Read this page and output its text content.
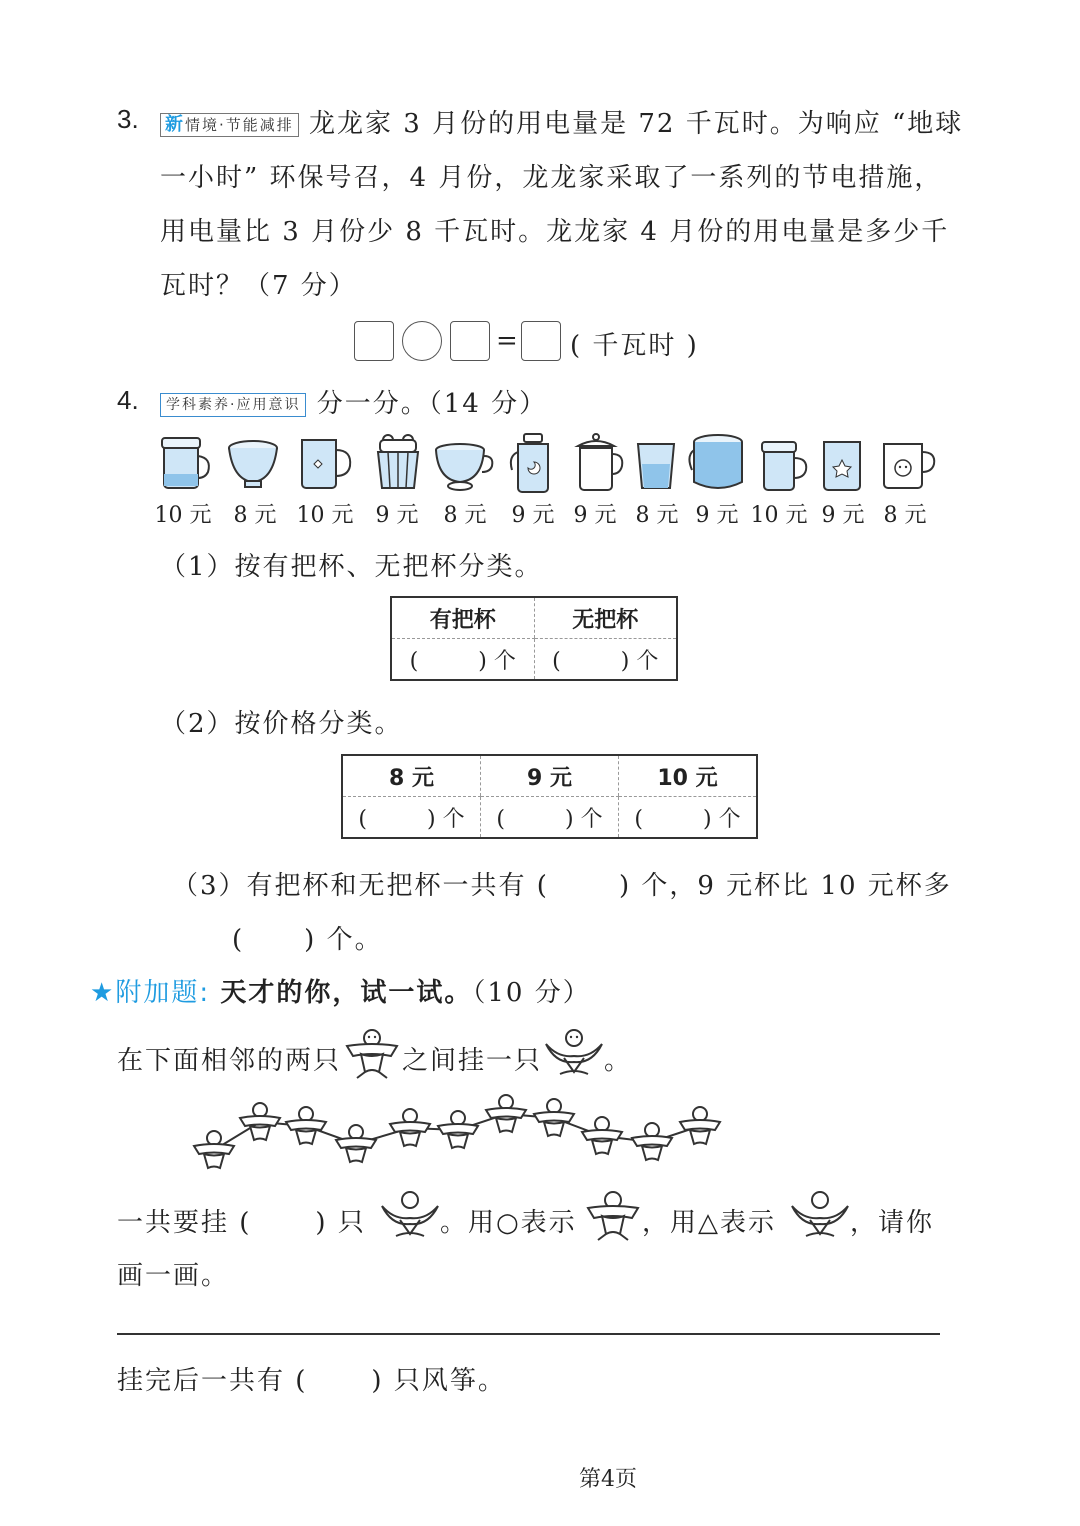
3. 新情境·节能减排 龙龙家 3 月份的用电量是 72 千瓦时。为响应 “地球
一小时” 环保号召，4 月份，龙龙家采取了一系列的节电措施，
用电量比 3 月份少 8 千瓦时。龙龙家 4 月份的用电量是多少千
瓦时？（7 分）
= ( 千瓦时 )
4.	学科素养·应用意识 分一分。（14 分）
10 元	8 元 10 元	9 元	8 元	9 元 9 元 8 元 9 元 10 元 9 元 8 元
（1）按有把杯、无把杯分类。
有把杯	无把杯
( ) 个	( ) 个
（2）按价格分类。
8 元	9 元	10 元
( ) 个	( ) 个	( ) 个
（3）有把杯和无把杯一共有 (	) 个，9 元杯比 10 元杯多
( ) 个。
★附加题: 天才的你，试一试。（10 分）
在下面相邻的两只 之间挂一只 。
一共要挂 ( ) 只	。用○表示	，用△表示	，请你
画一画。
挂完后一共有 ( ) 只风筝。
第4页
